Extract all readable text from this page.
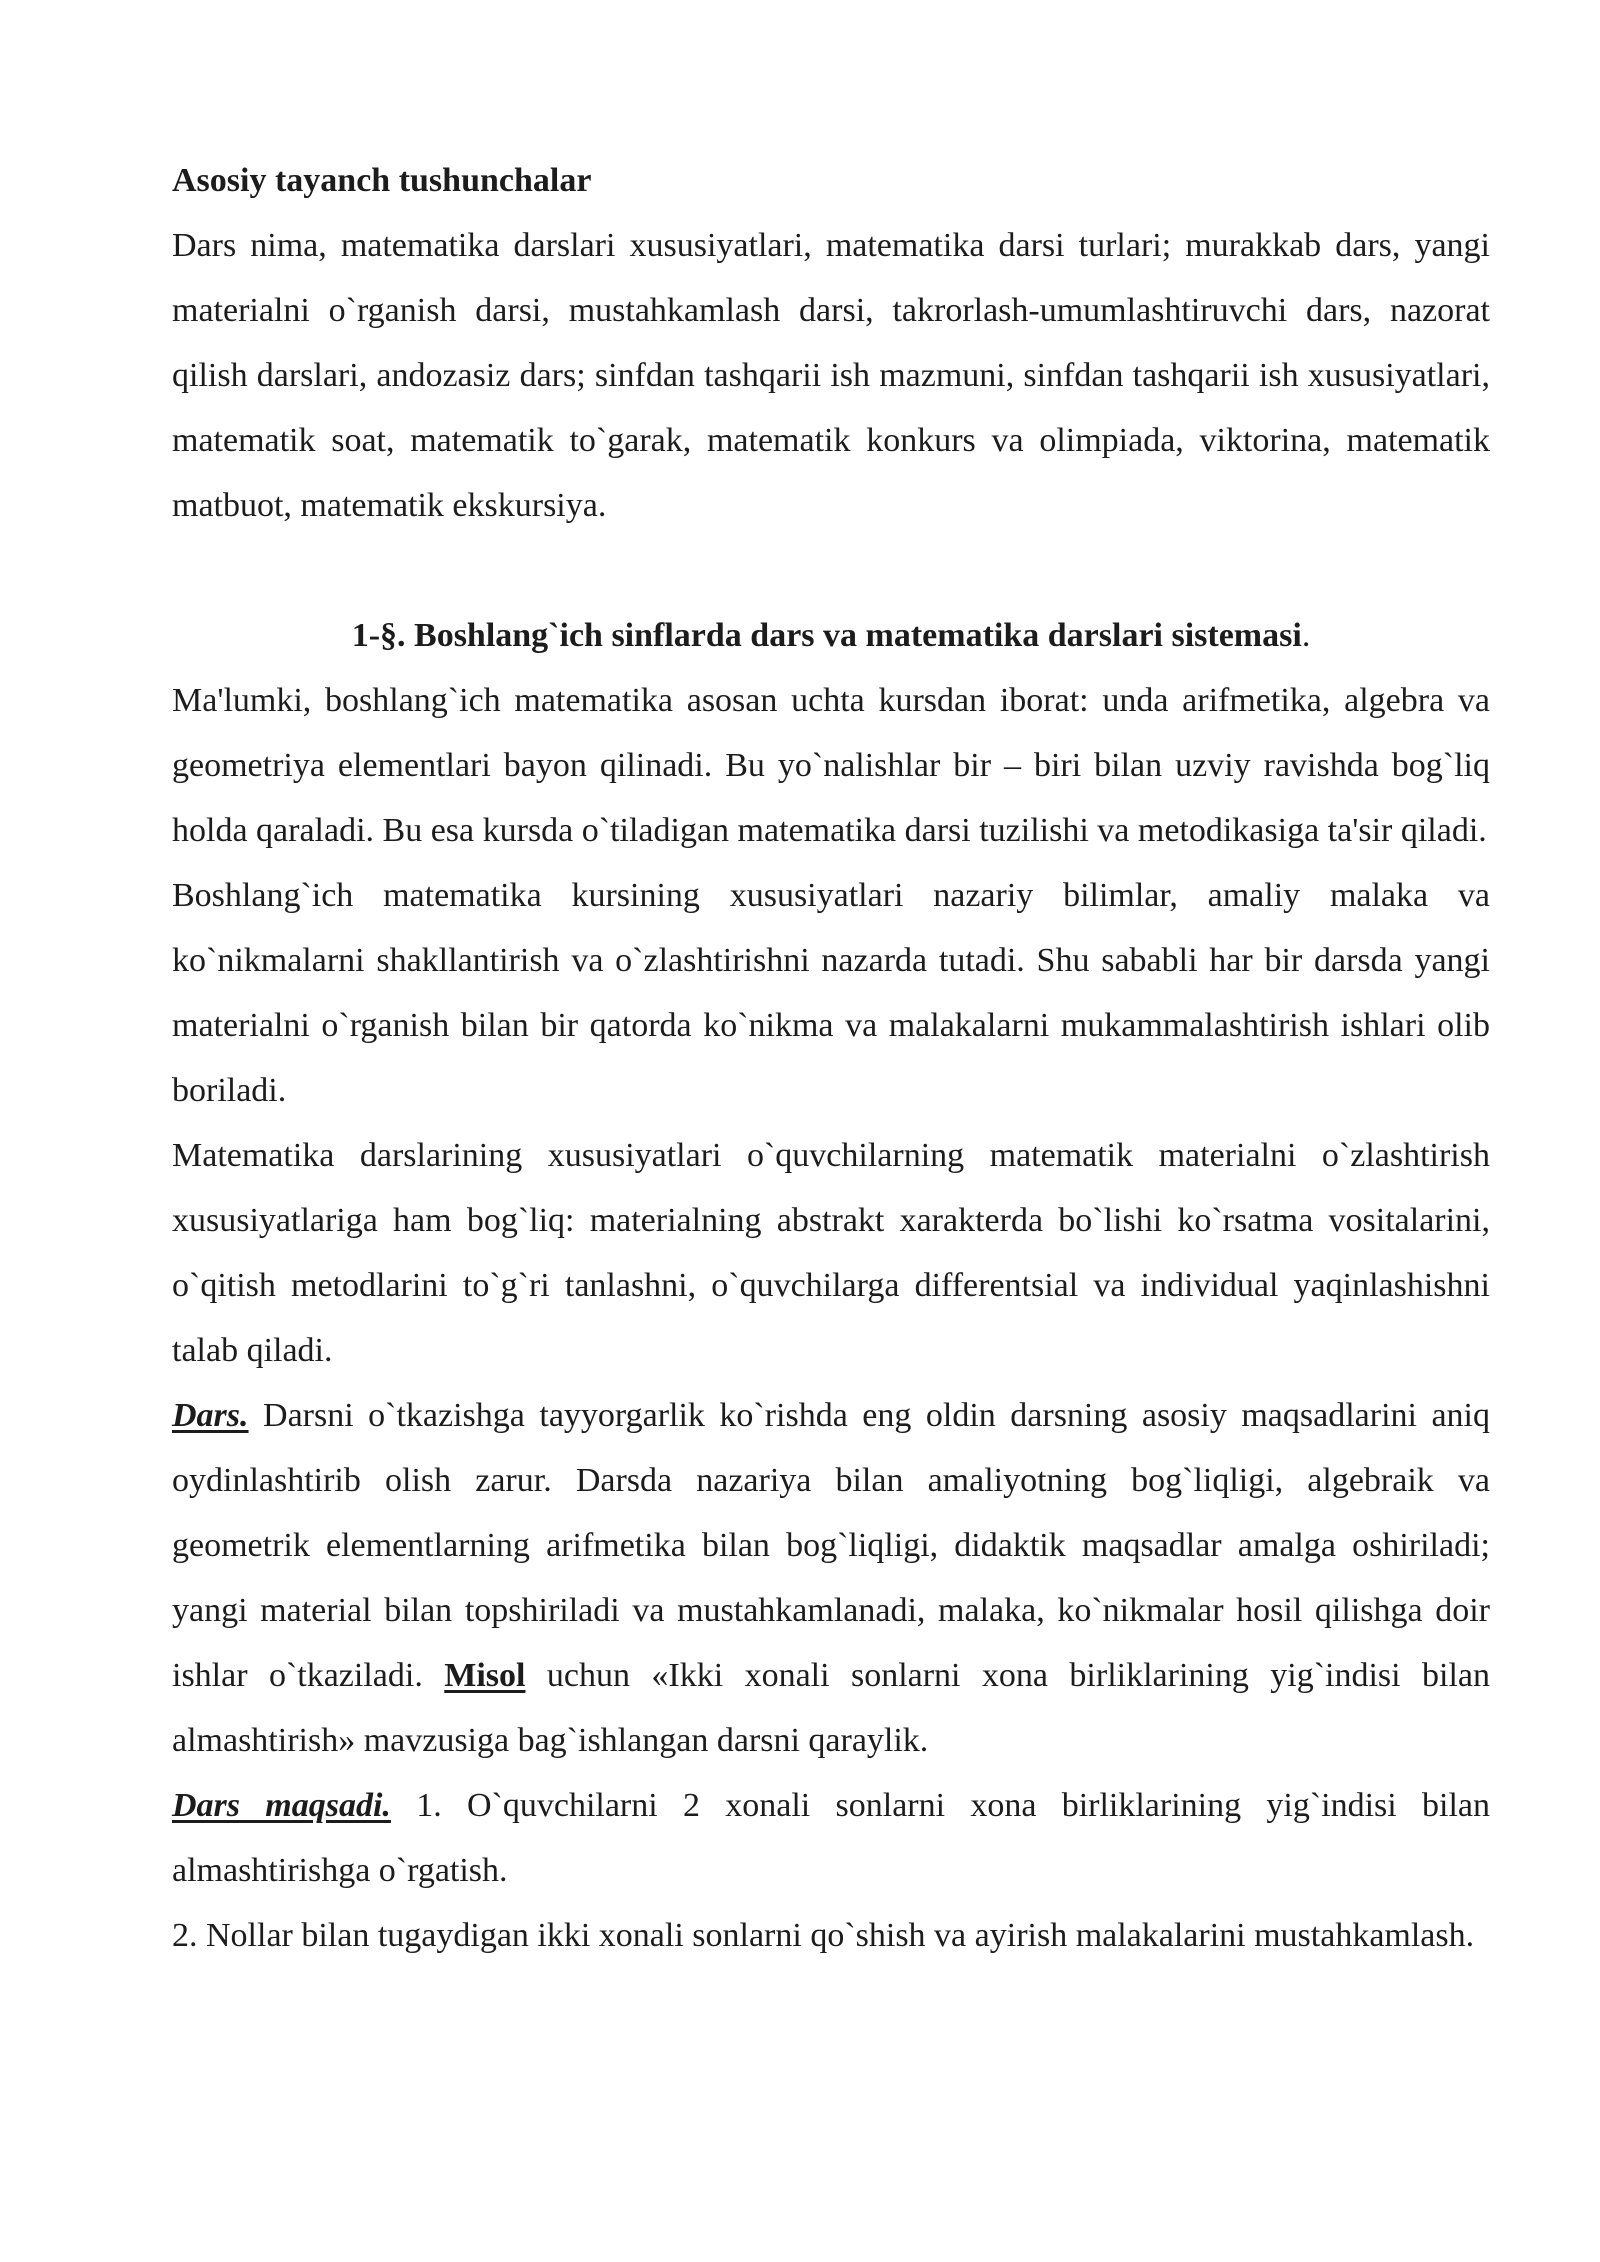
Asosiy tayanch tushunchalar

Dars nima, matematika darslari xususiyatlari, matematika darsi turlari; murakkab dars, yangi materialni o`rganish darsi, mustahkamlash darsi, takrorlash-umumlashtiruvchi dars, nazorat qilish darslari, andozasiz dars; sinfdan tashqarii ish mazmuni, sinfdan tashqarii ish xususiyatlari, matematik soat, matematik to`garak, matematik konkurs va olimpiada, viktorina, matematik matbuot, matematik ekskursiya.

1-§. Boshlang`ich sinflarda dars va matematika darslari sistemasi.

Ma'lumki, boshlang`ich matematika asosan uchta kursdan iborat: unda arifmetika, algebra va geometriya elementlari bayon qilinadi. Bu yo`nalishlar bir – biri bilan uzviy ravishda bog`liq holda qaraladi. Bu esa kursda o`tiladigan matematika darsi tuzilishi va metodikasiga ta'sir qiladi.

Boshlang`ich matematika kursining xususiyatlari nazariy bilimlar, amaliy malaka va ko`nikmalarni shakllantirish va o`zlashtirishni nazarda tutadi. Shu sababli har bir darsda yangi materialni o`rganish bilan bir qatorda ko`nikma va malakalarni mukammalashtirish ishlari olib boriladi.

Matematika darslarining xususiyatlari o`quvchilarning matematik materialni o`zlashtirish xususiyatlariga ham bog`liq: materialning abstrakt xarakterda bo`lishi ko`rsatma vositalarini, o`qitish metodlarini to`g`ri tanlashni, o`quvchilarga differentsial va individual yaqinlashishni talab qiladi.

Dars. Darsni o`tkazishga tayyorgarlik ko`rishda eng oldin darsning asosiy maqsadlarini aniq oydinlashtirib olish zarur. Darsda nazariya bilan amaliyotning bog`liqligi, algebraik va geometrik elementlarning arifmetika bilan bog`liqligi, didaktik maqsadlar amalga oshiriladi; yangi material bilan topshiriladi va mustahkamlanadi, malaka, ko`nikmalar hosil qilishga doir ishlar o`tkaziladi. Misol uchun «Ikki xonali sonlarni xona birliklarining yig`indisi bilan almashtirish» mavzusiga bag`ishlangan darsni qaraylik.

Dars maqsadi. 1. O`quvchilarni 2 xonali sonlarni xona birliklarining yig`indisi bilan almashtirishga o`rgatish.

2. Nollar bilan tugaydigan ikki xonali sonlarni qo`shish va ayirish malakalarini mustahkamlash.
